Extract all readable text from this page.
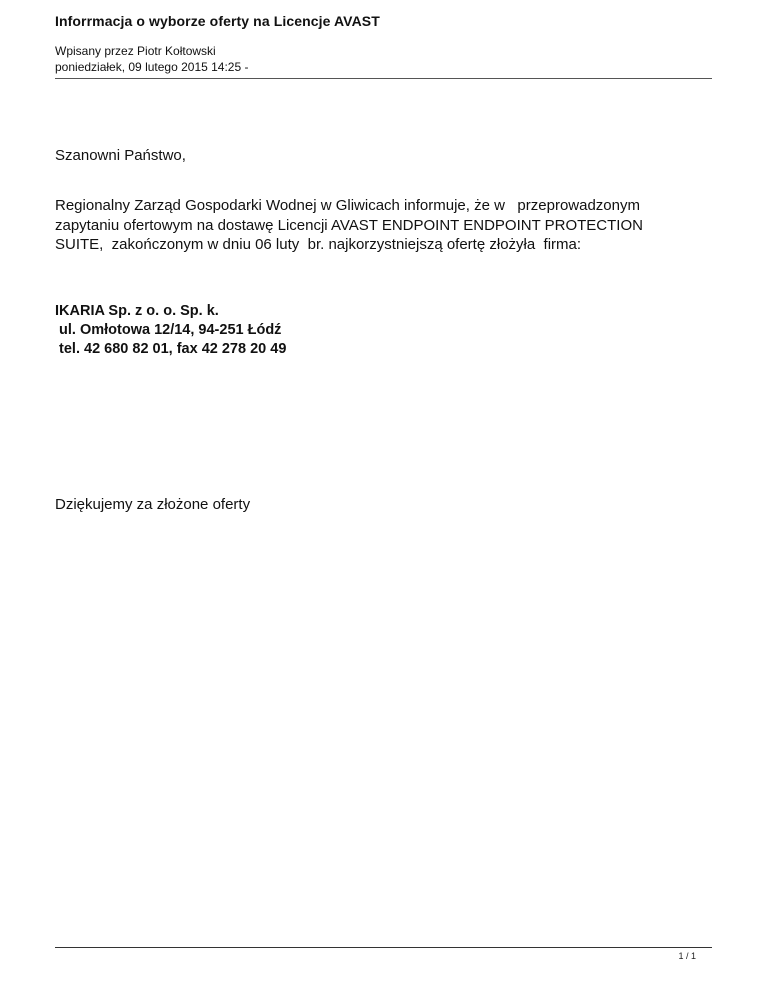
Inforrmacja o wyborze oferty na Licencje AVAST
Wpisany przez Piotr Kołtowski
poniedziałek, 09 lutego 2015 14:25 -
Szanowni Państwo,
Regionalny Zarząd Gospodarki Wodnej w Gliwicach informuje, że w   przeprowadzonym
zapytaniu ofertowym na dostawę Licencji AVAST ENDPOINT ENDPOINT PROTECTION
SUITE,  zakończonym w dniu 06 luty  br. najkorzystniejszą ofertę złożyła  firma:
IKARIA Sp. z o. o. Sp. k.
ul. Omłotowa 12/14, 94-251 Łódź
tel. 42 680 82 01, fax 42 278 20 49
Dziękujemy za złożone oferty
1 / 1
